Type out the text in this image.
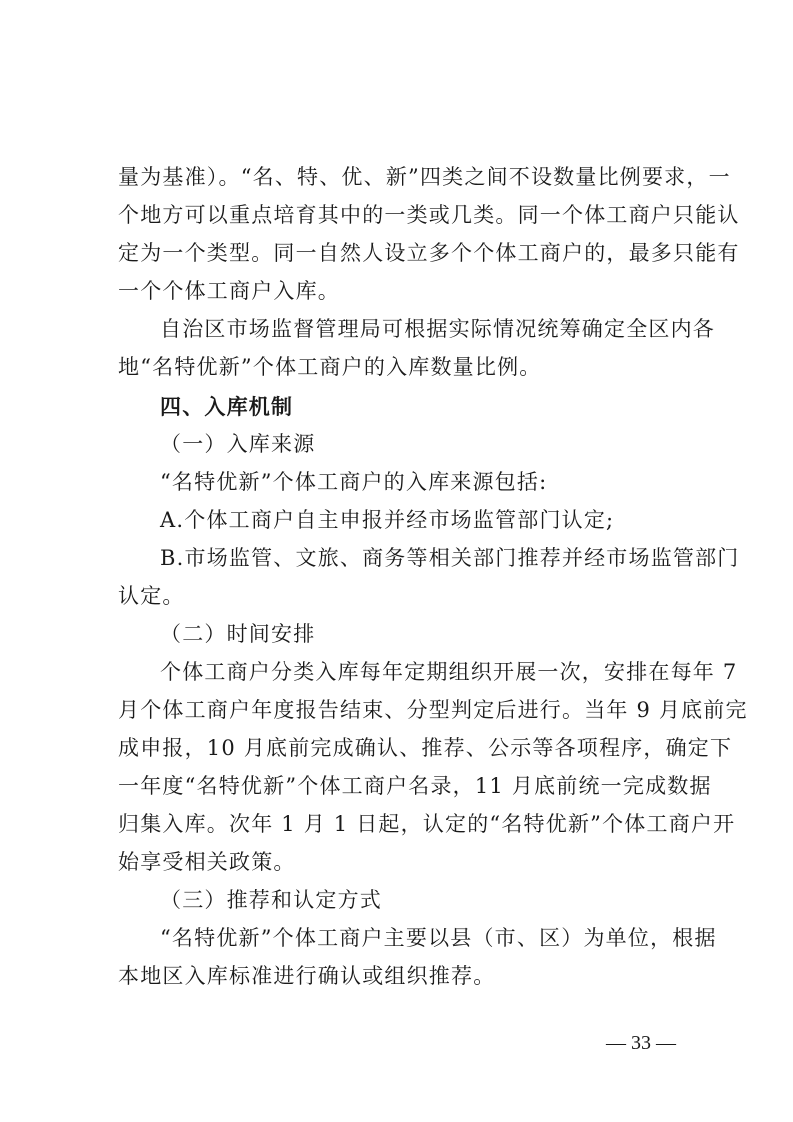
量为基准）。“名、特、优、新”四类之间不设数量比例要求，一
个地方可以重点培育其中的一类或几类。同一个体工商户只能认
定为一个类型。同一自然人设立多个个体工商户的，最多只能有
一个个体工商户入库。
自治区市场监督管理局可根据实际情况统筹确定全区内各
地“名特优新”个体工商户的入库数量比例。
四、入库机制
（一）入库来源
“名特优新”个体工商户的入库来源包括:
A.个体工商户自主申报并经市场监管部门认定;
B.市场监管、文旅、商务等相关部门推荐并经市场监管部门
认定。
（二）时间安排
个体工商户分类入库每年定期组织开展一次，安排在每年 7
月个体工商户年度报告结束、分型判定后进行。当年 9 月底前完
成申报，10 月底前完成确认、推荐、公示等各项程序，确定下
一年度“名特优新”个体工商户名录，11 月底前统一完成数据
归集入库。次年 1 月 1 日起，认定的“名特优新”个体工商户开
始享受相关政策。
（三）推荐和认定方式
“名特优新”个体工商户主要以县（市、区）为单位，根据
本地区入库标准进行确认或组织推荐。
— 33 —
